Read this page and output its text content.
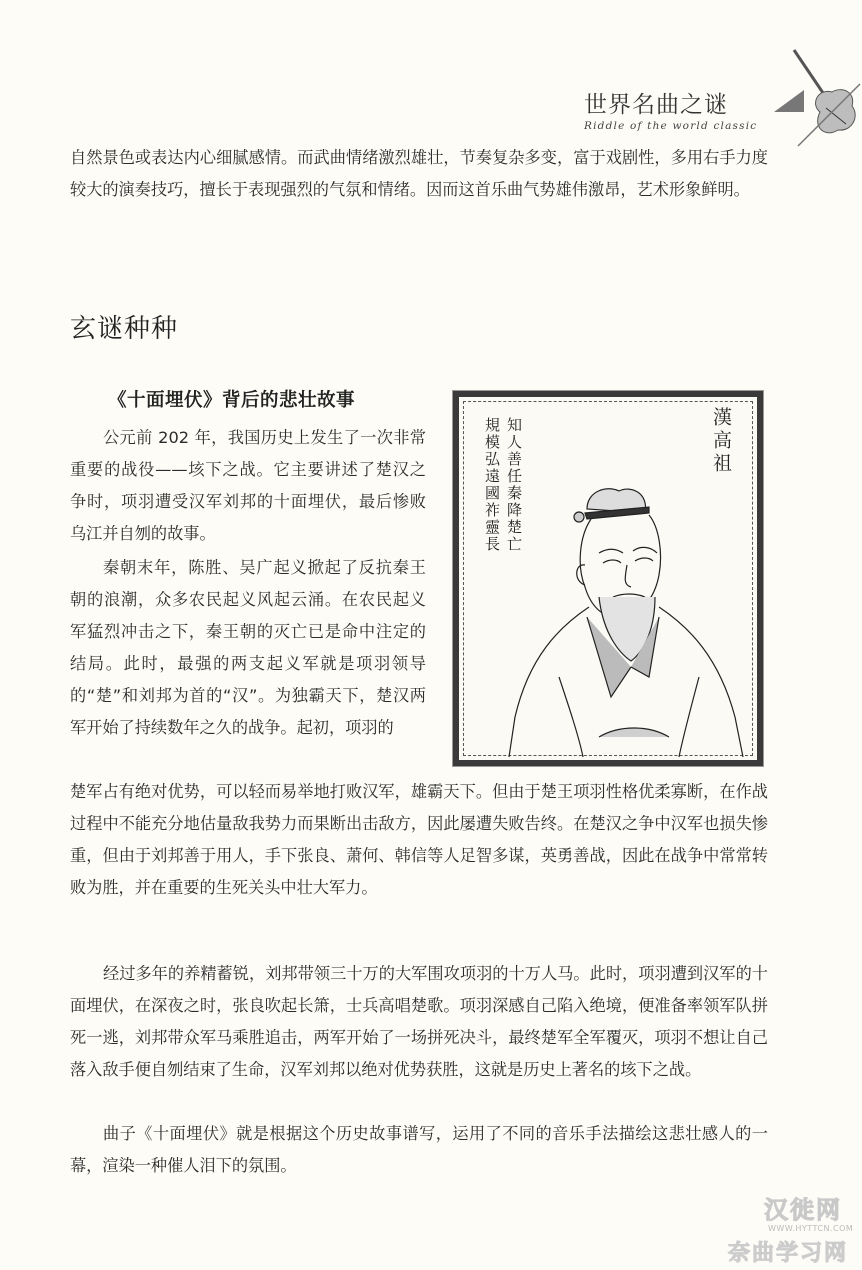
世界名曲之谜
Riddle of the world classic

自然景色或表达内心细腻感情。而武曲情绪激烈雄壮，节奏复杂多变，富于戏剧性，多用右手力度较大的演奏技巧，擅长于表现强烈的气氛和情绪。因而这首乐曲气势雄伟激昂，艺术形象鲜明。

玄谜种种
《十面埋伏》背后的悲壮故事

公元前 202 年，我国历史上发生了一次非常重要的战役——垓下之战。它主要讲述了楚汉之争时，项羽遭受汉军刘邦的十面埋伏，最后惨败乌江并自刎的故事。

秦朝末年，陈胜、吴广起义掀起了反抗秦王朝的浪潮，众多农民起义风起云涌。在农民起义军猛烈冲击之下，秦王朝的灭亡已是命中注定的结局。此时，最强的两支起义军就是项羽领导的“楚”和刘邦为首的“汉”。为独霸天下，楚汉两军开始了持续数年之久的战争。起初，项羽的

楚军占有绝对优势，可以轻而易举地打败汉军，雄霸天下。但由于楚王项羽性格优柔寡断，在作战过程中不能充分地估量敌我势力而果断出击敌方，因此屡遭失败告终。在楚汉之争中汉军也损失惨重，但由于刘邦善于用人，手下张良、萧何、韩信等人足智多谋，英勇善战，因此在战争中常常转败为胜，并在重要的生死关头中壮大军力。

经过多年的养精蓄锐，刘邦带领三十万的大军围攻项羽的十万人马。此时，项羽遭到汉军的十面埋伏，在深夜之时，张良吹起长箫，士兵高唱楚歌。项羽深感自己陷入绝境，便准备率领军队拼死一逃，刘邦带众军马乘胜追击，两军开始了一场拼死决斗，最终楚军全军覆灭，项羽不想让自己落入敌手便自刎结束了生命，汉军刘邦以绝对优势获胜，这就是历史上著名的垓下之战。

曲子《十面埋伏》就是根据这个历史故事谱写，运用了不同的音乐手法描绘这悲壮感人的一幕，渲染一种催人泪下的氛围。

漢高祖
知人善任秦降楚亡
規模弘遠國祚靈長
汉徙网
WWW.HYTTCN.COM
奈曲学习网
